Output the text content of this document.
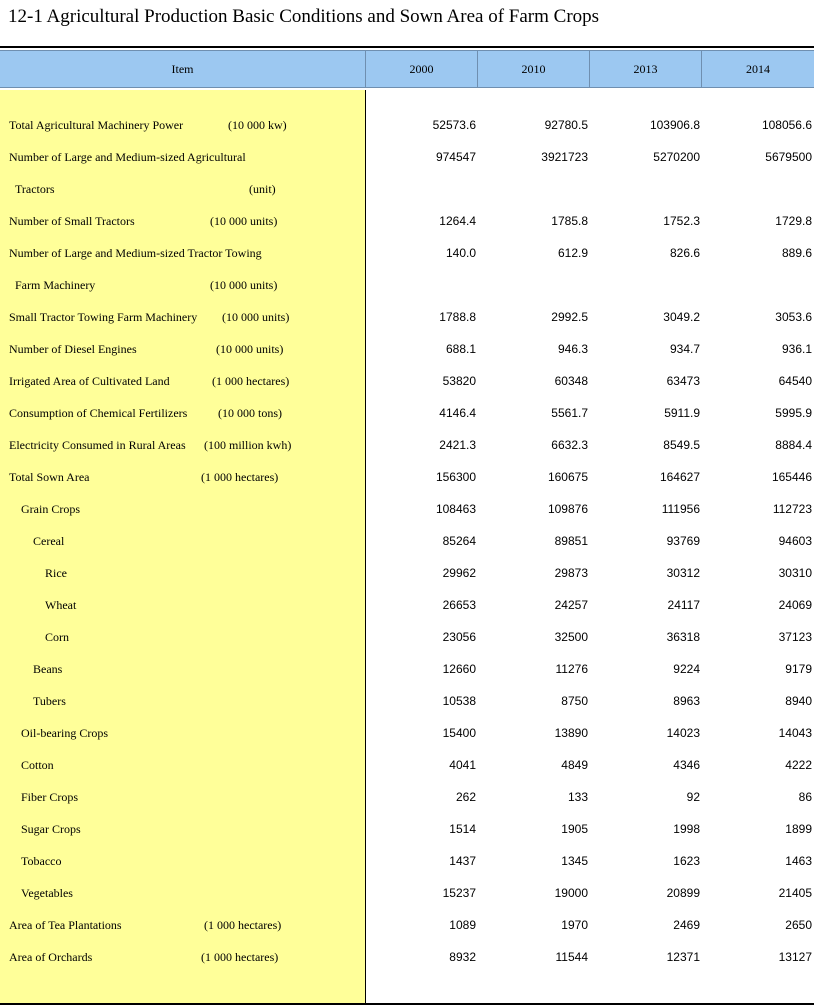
12-1 Agricultural Production Basic Conditions and Sown Area of Farm Crops
Item	2000	2010	2013	2014
Total Agricultural Machinery Power	(10 000 kw)	52573.6	92780.5	103906.8	108056.6
Number of Large and Medium-sized Agricultural	974547	3921723	5270200	5679500
Tractors	(unit)
Number of Small Tractors	(10 000 units)	1264.4	1785.8	1752.3	1729.8
Number of Large and Medium-sized Tractor Towing	140.0	612.9	826.6	889.6
Farm Machinery	(10 000 units)
Small Tractor Towing Farm Machinery (10 000 units)	1788.8	2992.5	3049.2	3053.6
Number of Diesel Engines	(10 000 units)	688.1	946.3	934.7	936.1
Irrigated Area of Cultivated Land	(1 000 hectares)	53820	60348	63473	64540
Consumption of Chemical Fertilizers	(10 000 tons)	4146.4	5561.7	5911.9	5995.9
Electricity Consumed in Rural Areas (100 million kwh)	2421.3	6632.3	8549.5	8884.4
Total Sown Area	(1 000 hectares)	156300	160675	164627	165446
Grain Crops	108463	109876	111956	112723
Cereal	85264	89851	93769	94603
Rice	29962	29873	30312	30310
Wheat	26653	24257	24117	24069
Corn	23056	32500	36318	37123
Beans	12660	11276	9224	9179
Tubers	10538	8750	8963	8940
Oil-bearing Crops	15400	13890	14023	14043
Cotton	4041	4849	4346	4222
Fiber Crops	262	133	92	86
Sugar Crops	1514	1905	1998	1899
Tobacco	1437	1345	1623	1463
Vegetables	15237	19000	20899	21405
Area of Tea Plantations	(1 000 hectares)	1089	1970	2469	2650
Area of Orchards	(1 000 hectares)	8932	11544	12371	13127
